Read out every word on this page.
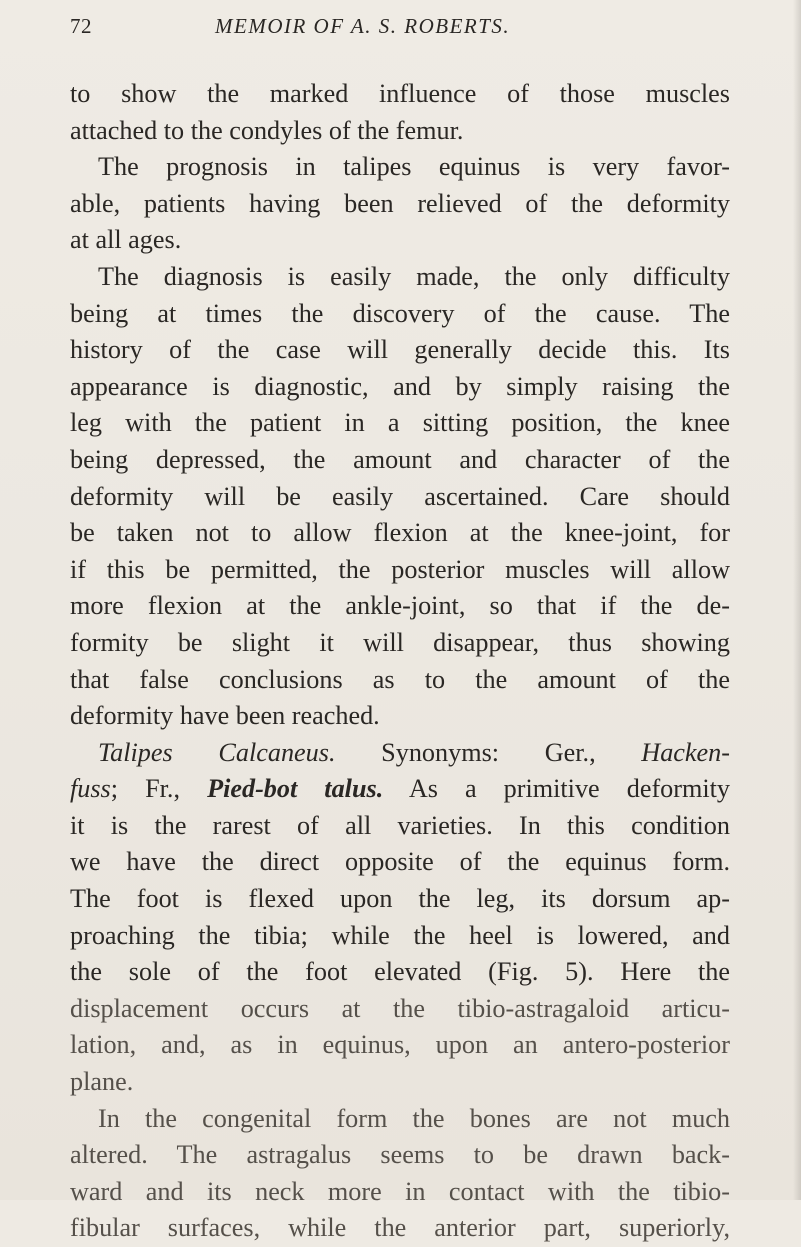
72	MEMOIR OF A. S. ROBERTS.
to show the marked influence of those muscles
attached to the condyles of the femur.
The prognosis in talipes equinus is very favor-
able, patients having been relieved of the deformity
at all ages.
The diagnosis is easily made, the only difficulty
being at times the discovery of the cause. The
history of the case will generally decide this. Its
appearance is diagnostic, and by simply raising the
leg with the patient in a sitting position, the knee
being depressed, the amount and character of the
deformity will be easily ascertained. Care should
be taken not to allow flexion at the knee-joint, for
if this be permitted, the posterior muscles will allow
more flexion at the ankle-joint, so that if the de-
formity be slight it will disappear, thus showing
that false conclusions as to the amount of the
deformity have been reached.
Talipes Calcaneus. Synonyms: Ger., Hacken-
fuss; Fr., Pied-bot talus. As a primitive deformity
it is the rarest of all varieties. In this condition
we have the direct opposite of the equinus form.
The foot is flexed upon the leg, its dorsum ap-
proaching the tibia; while the heel is lowered, and
the sole of the foot elevated (Fig. 5). Here the
displacement occurs at the tibio-astragaloid articu-
lation, and, as in equinus, upon an antero-posterior
plane.
In the congenital form the bones are not much
altered. The astragalus seems to be drawn back-
ward and its neck more in contact with the tibio-
fibular surfaces, while the anterior part, superiorly,
